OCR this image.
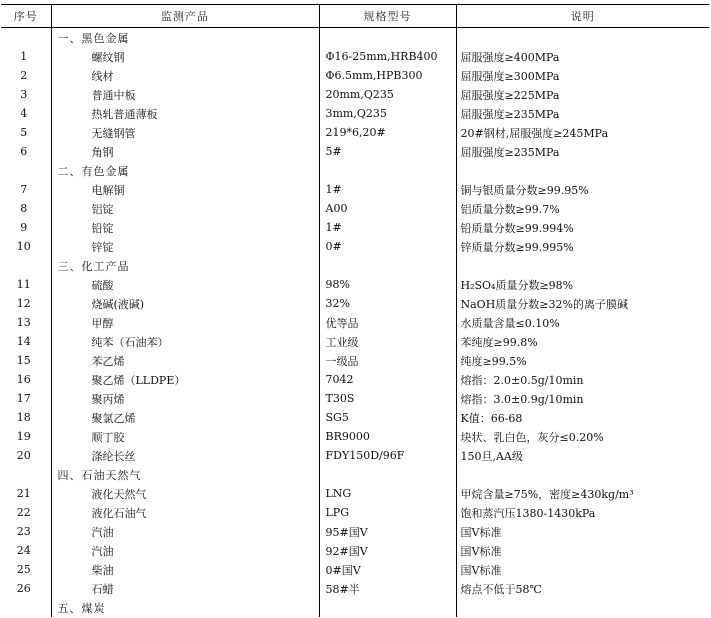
序号	监测产品	规格型号	说明
	一、黑色金属		
1	螺纹钢	Φ16-25mm,HRB400	屈服强度≥400MPa
2	线材	Φ6.5mm,HPB300	屈服强度≥300MPa
3	普通中板	20mm,Q235	屈服强度≥225MPa
4	热轧普通薄板	3mm,Q235	屈服强度≥235MPa
5	无缝钢管	219*6,20#	20#钢材,屈服强度≥245MPa
6	角钢	5#	屈服强度≥235MPa
	二、有色金属		
7	电解铜	1#	铜与银质量分数≥99.95%
8	铝锭	A00	铝质量分数≥99.7%
9	铅锭	1#	铅质量分数≥99.994%
10	锌锭	0#	锌质量分数≥99.995%
	三、化工产品		
11	硫酸	98%	H₂SO₄质量分数≥98%
12	烧碱(液碱)	32%	NaOH质量分数≥32%的离子膜碱
13	甲醇	优等品	水质量含量≤0.10%
14	纯苯（石油苯）	工业级	苯纯度≥99.8%
15	苯乙烯	一级品	纯度≥99.5%
16	聚乙烯（LLDPE）	7042	熔指：2.0±0.5g/10min
17	聚丙烯	T30S	熔指：3.0±0.9g/10min
18	聚氯乙烯	SG5	K值：66-68
19	顺丁胶	BR9000	块状、乳白色，灰分≤0.20%
20	涤纶长丝	FDY150D/96F	150旦,AA级
	四、石油天然气		
21	液化天然气	LNG	甲烷含量≥75%，密度≥430kg/m³
22	液化石油气	LPG	饱和蒸汽压1380-1430kPa
23	汽油	95#国Ⅴ	国Ⅴ标准
24	汽油	92#国Ⅴ	国Ⅴ标准
25	柴油	0#国Ⅴ	国Ⅴ标准
26	石蜡	58#半	熔点不低于58℃
	五、煤炭		
